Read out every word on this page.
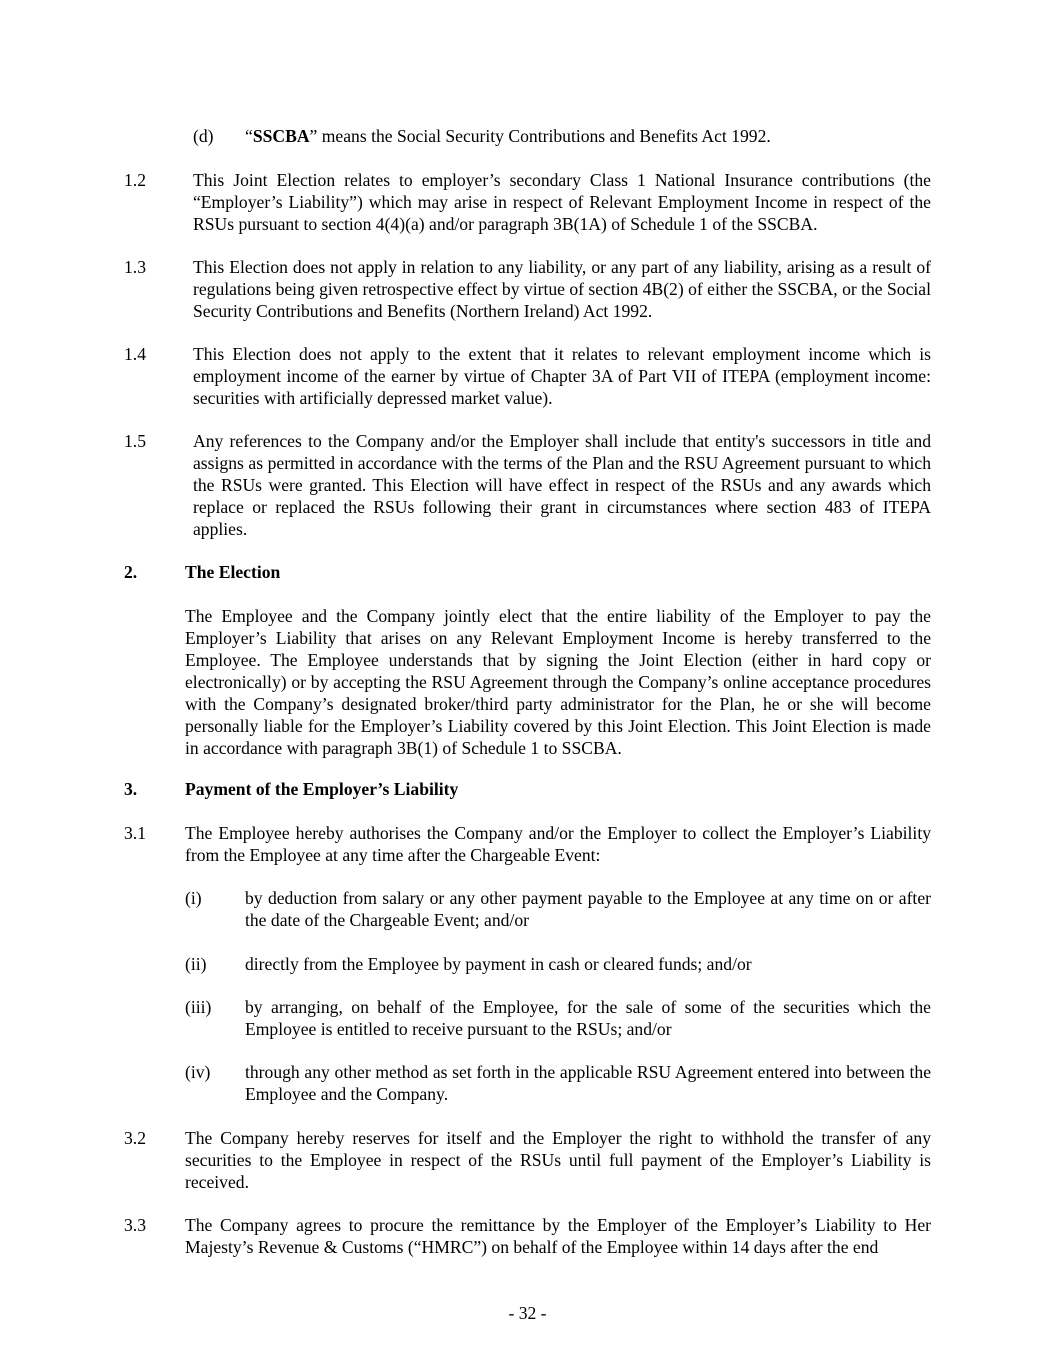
(d) “SSCBA” means the Social Security Contributions and Benefits Act 1992.
1.2	This Joint Election relates to employer’s secondary Class 1 National Insurance contributions (the “Employer’s Liability”) which may arise in respect of Relevant Employment Income in respect of the RSUs pursuant to section 4(4)(a) and/or paragraph 3B(1A) of Schedule 1 of the SSCBA.
1.3	This Election does not apply in relation to any liability, or any part of any liability, arising as a result of regulations being given retrospective effect by virtue of section 4B(2) of either the SSCBA, or the Social Security Contributions and Benefits (Northern Ireland) Act 1992.
1.4	This Election does not apply to the extent that it relates to relevant employment income which is employment income of the earner by virtue of Chapter 3A of Part VII of ITEPA (employment income: securities with artificially depressed market value).
1.5	Any references to the Company and/or the Employer shall include that entity's successors in title and assigns as permitted in accordance with the terms of the Plan and the RSU Agreement pursuant to which the RSUs were granted. This Election will have effect in respect of the RSUs and any awards which replace or replaced the RSUs following their grant in circumstances where section 483 of ITEPA applies.
2.	The Election
The Employee and the Company jointly elect that the entire liability of the Employer to pay the Employer’s Liability that arises on any Relevant Employment Income is hereby transferred to the Employee. The Employee understands that by signing the Joint Election (either in hard copy or electronically) or by accepting the RSU Agreement through the Company’s online acceptance procedures with the Company’s designated broker/third party administrator for the Plan, he or she will become personally liable for the Employer’s Liability covered by this Joint Election. This Joint Election is made in accordance with paragraph 3B(1) of Schedule 1 to SSCBA.
3.	Payment of the Employer’s Liability
3.1 The Employee hereby authorises the Company and/or the Employer to collect the Employer’s Liability from the Employee at any time after the Chargeable Event:
(i) by deduction from salary or any other payment payable to the Employee at any time on or after the date of the Chargeable Event; and/or
(ii) directly from the Employee by payment in cash or cleared funds; and/or
(iii) by arranging, on behalf of the Employee, for the sale of some of the securities which the Employee is entitled to receive pursuant to the RSUs; and/or
(iv) through any other method as set forth in the applicable RSU Agreement entered into between the Employee and the Company.
3.2 The Company hereby reserves for itself and the Employer the right to withhold the transfer of any securities to the Employee in respect of the RSUs until full payment of the Employer’s Liability is received.
3.3 The Company agrees to procure the remittance by the Employer of the Employer’s Liability to Her Majesty’s Revenue & Customs (“HMRC”) on behalf of the Employee within 14 days after the end
- 32 -
